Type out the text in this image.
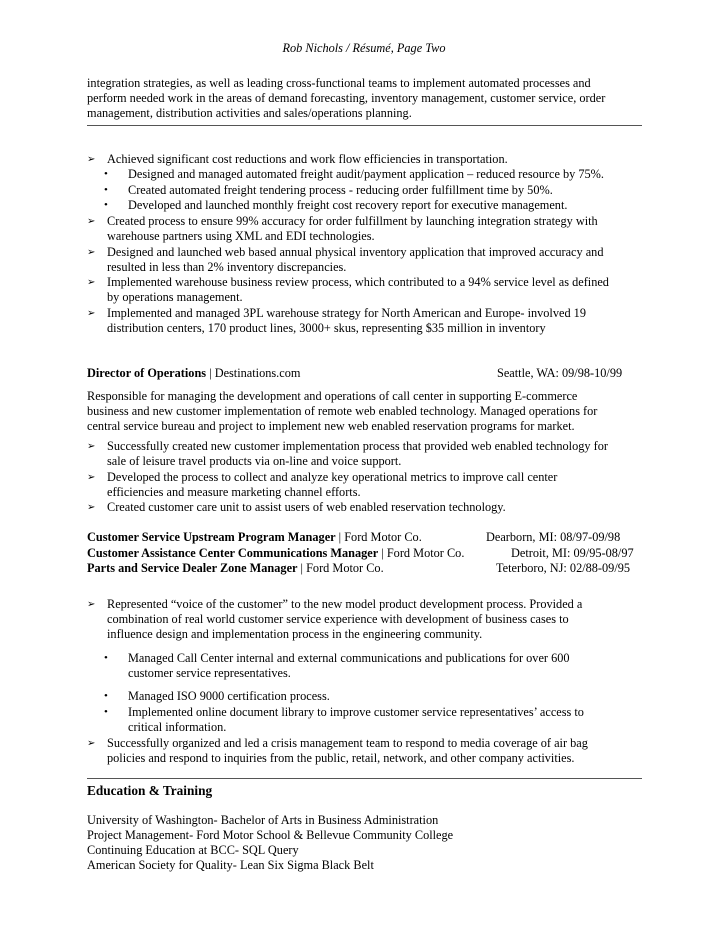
Rob Nichols / Résumé, Page Two
integration strategies, as well as leading cross-functional teams to implement automated processes and
perform needed work in the areas of demand forecasting, inventory management, customer service, order
management, distribution activities and sales/operations planning.
➢ Achieved significant cost reductions and work flow efficiencies in transportation.
• Designed and managed automated freight audit/payment application – reduced resource by 75%.
• Created automated freight tendering process - reducing order fulfillment time by 50%.
• Developed and launched monthly freight cost recovery report for executive management.
➢ Created process to ensure 99% accuracy for order fulfillment by launching integration strategy with
warehouse partners using XML and EDI technologies.
➢ Designed and launched web based annual physical inventory application that improved accuracy and
resulted in less than 2% inventory discrepancies.
➢ Implemented warehouse business review process, which contributed to a 94% service level as defined
by operations management.
➢ Implemented and managed 3PL warehouse strategy for North American and Europe- involved 19
distribution centers, 170 product lines, 3000+ skus, representing $35 million in inventory
Director of Operations | Destinations.com	Seattle, WA: 09/98-10/99
Responsible for managing the development and operations of call center in supporting E-commerce
business and new customer implementation of remote web enabled technology. Managed operations for
central service bureau and project to implement new web enabled reservation programs for market.
➢ Successfully created new customer implementation process that provided web enabled technology for
sale of leisure travel products via on-line and voice support.
➢ Developed the process to collect and analyze key operational metrics to improve call center
efficiencies and measure marketing channel efforts.
➢ Created customer care unit to assist users of web enabled reservation technology.
Customer Service Upstream Program Manager | Ford Motor Co.	Dearborn, MI: 08/97-09/98
Customer Assistance Center Communications Manager | Ford Motor Co.	Detroit, MI: 09/95-08/97
Parts and Service Dealer Zone Manager | Ford Motor Co.	Teterboro, NJ: 02/88-09/95
➢ Represented “voice of the customer” to the new model product development process. Provided a
combination of real world customer service experience with development of business cases to
influence design and implementation process in the engineering community.
• Managed Call Center internal and external communications and publications for over 600
customer service representatives.
• Managed ISO 9000 certification process.
• Implemented online document library to improve customer service representatives’ access to
critical information.
➢ Successfully organized and led a crisis management team to respond to media coverage of air bag
policies and respond to inquiries from the public, retail, network, and other company activities.
Education & Training
University of Washington- Bachelor of Arts in Business Administration
Project Management- Ford Motor School & Bellevue Community College
Continuing Education at BCC- SQL Query
American Society for Quality- Lean Six Sigma Black Belt
